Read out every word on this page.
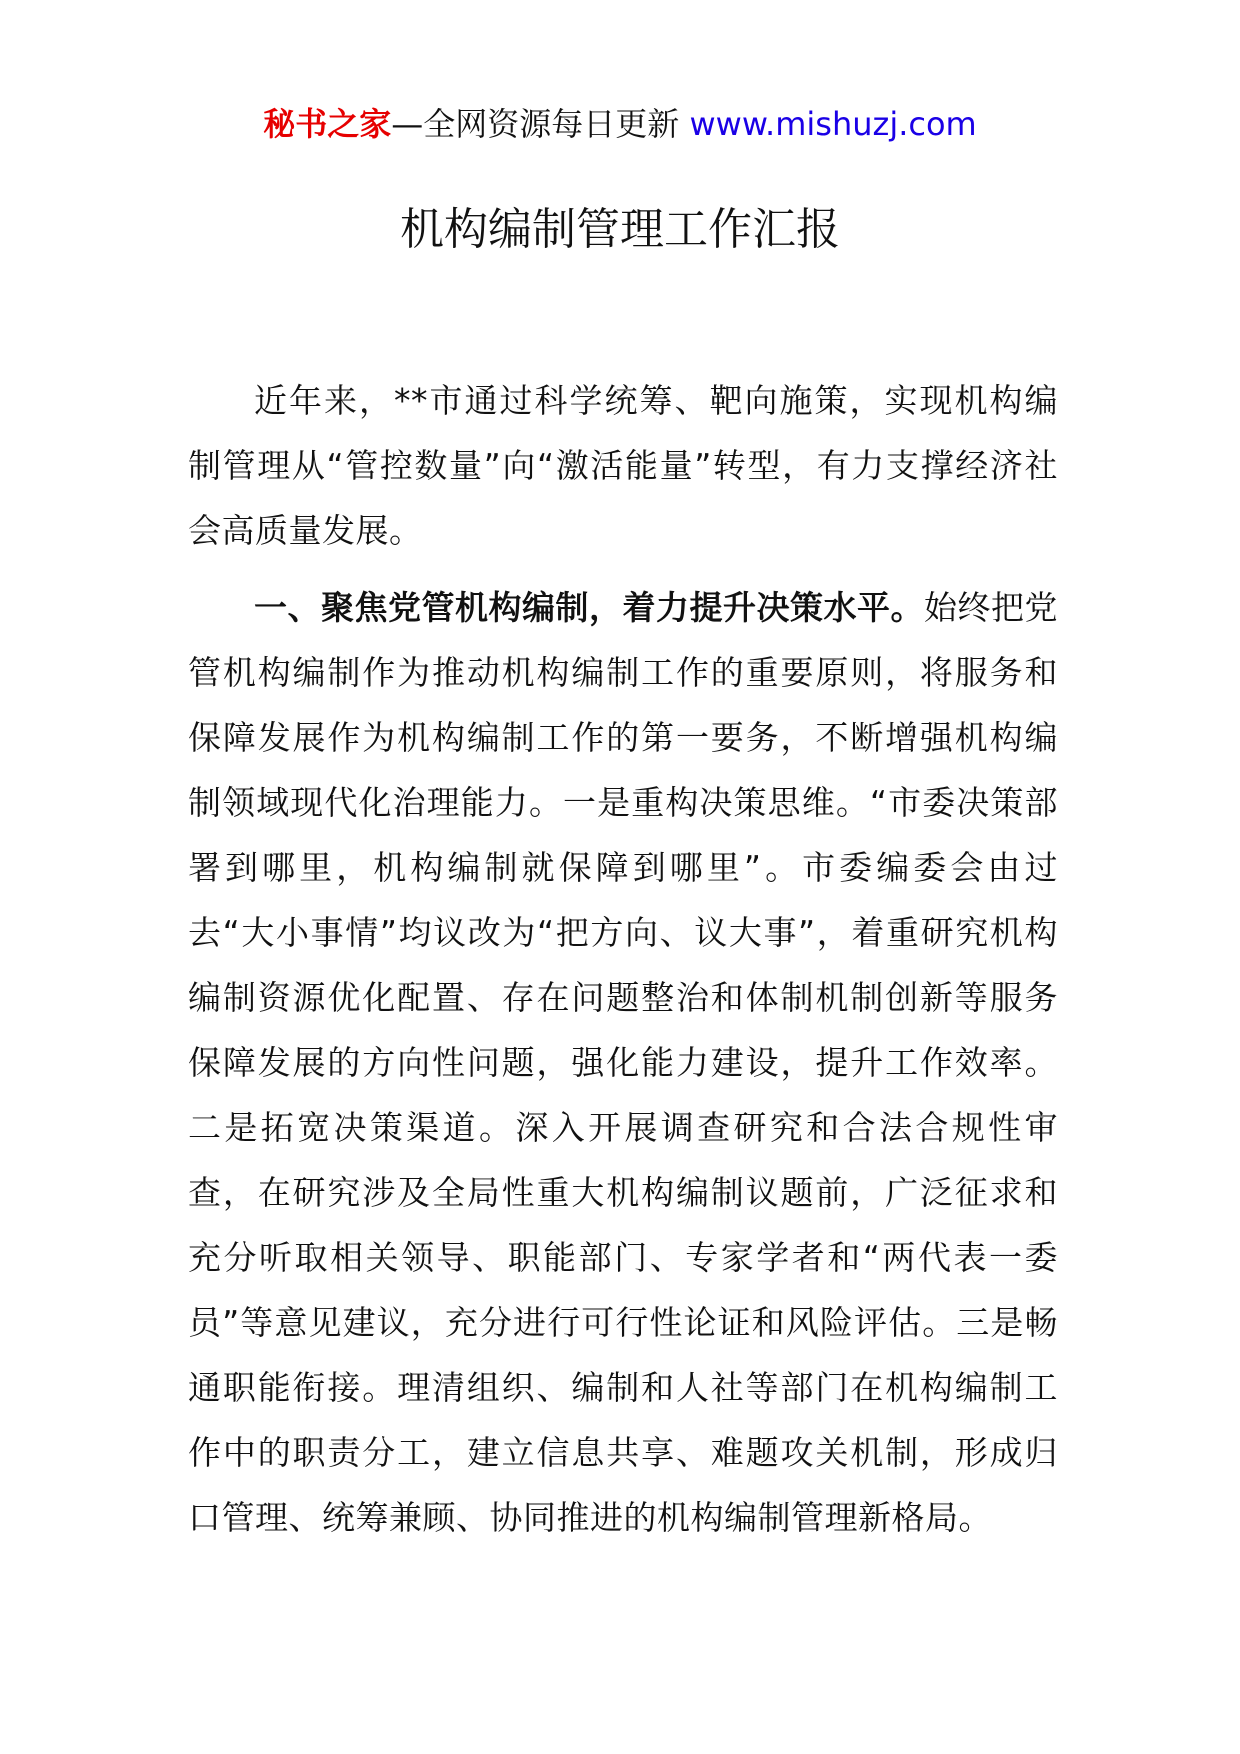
秘书之家—全网资源每日更新 www.mishuzj.com
机构编制管理工作汇报

近年来，**市通过科学统筹、靶向施策，实现机构编制管理从“管控数量”向“激活能量”转型，有力支撑经济社会高质量发展。

一、聚焦党管机构编制，着力提升决策水平。始终把党管机构编制作为推动机构编制工作的重要原则，将服务和保障发展作为机构编制工作的第一要务，不断增强机构编制领域现代化治理能力。一是重构决策思维。“市委决策部署到哪里，机构编制就保障到哪里”。市委编委会由过去“大小事情”均议改为“把方向、议大事”，着重研究机构编制资源优化配置、存在问题整治和体制机制创新等服务保障发展的方向性问题，强化能力建设，提升工作效率。二是拓宽决策渠道。深入开展调查研究和合法合规性审查，在研究涉及全局性重大机构编制议题前，广泛征求和充分听取相关领导、职能部门、专家学者和“两代表一委员”等意见建议，充分进行可行性论证和风险评估。三是畅通职能衔接。理清组织、编制和人社等部门在机构编制工作中的职责分工，建立信息共享、难题攻关机制，形成归口管理、统筹兼顾、协同推进的机构编制管理新格局。
